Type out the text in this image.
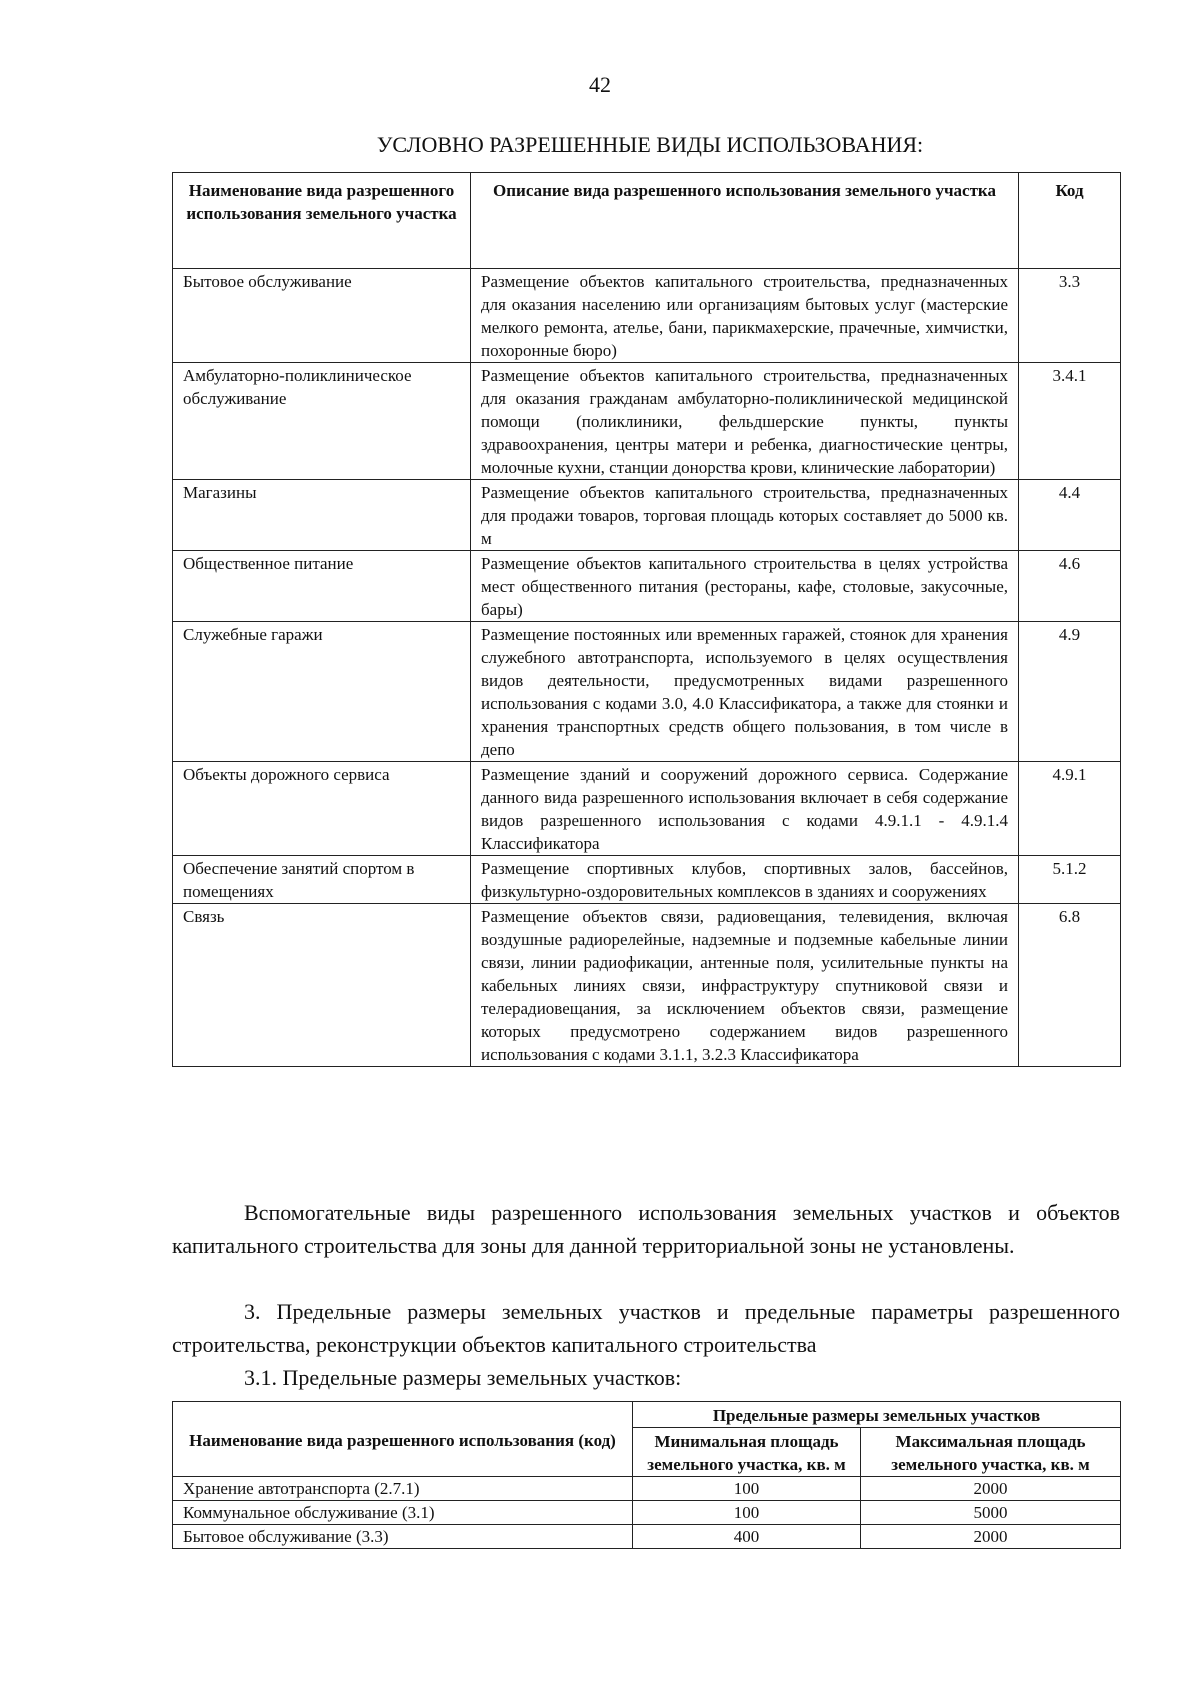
42
УСЛОВНО РАЗРЕШЕННЫЕ ВИДЫ ИСПОЛЬЗОВАНИЯ:
Наименование вида разрешенного использования земельного участка	Описание вида разрешенного использования земельного участка	Код
Бытовое обслуживание	Размещение объектов капитального строительства, предназначенных для оказания населению или организациям бытовых услуг (мастерские мелкого ремонта, ателье, бани, парикмахерские, прачечные, химчистки, похоронные бюро)	3.3
Амбулаторно-поликлиническое обслуживание	Размещение объектов капитального строительства, предназначенных для оказания гражданам амбулаторно-поликлинической медицинской помощи (поликлиники, фельдшерские пункты, пункты здравоохранения, центры матери и ребенка, диагностические центры, молочные кухни, станции донорства крови, клинические лаборатории)	3.4.1
Магазины	Размещение объектов капитального строительства, предназначенных для продажи товаров, торговая площадь которых составляет до 5000 кв. м	4.4
Общественное питание	Размещение объектов капитального строительства в целях устройства мест общественного питания (рестораны, кафе, столовые, закусочные, бары)	4.6
Служебные гаражи	Размещение постоянных или временных гаражей, стоянок для хранения служебного автотранспорта, используемого в целях осуществления видов деятельности, предусмотренных видами разрешенного использования с кодами 3.0, 4.0 Классификатора, а также для стоянки и хранения транспортных средств общего пользования, в том числе в депо	4.9
Объекты дорожного сервиса	Размещение зданий и сооружений дорожного сервиса. Содержание данного вида разрешенного использования включает в себя содержание видов разрешенного использования с кодами 4.9.1.1 - 4.9.1.4 Классификатора	4.9.1
Обеспечение занятий спортом в помещениях	Размещение спортивных клубов, спортивных залов, бассейнов, физкультурно-оздоровительных комплексов в зданиях и сооружениях	5.1.2
Связь	Размещение объектов связи, радиовещания, телевидения, включая воздушные радиорелейные, надземные и подземные кабельные линии связи, линии радиофикации, антенные поля, усилительные пункты на кабельных линиях связи, инфраструктуру спутниковой связи и телерадиовещания, за исключением объектов связи, размещение которых предусмотрено содержанием видов разрешенного использования с кодами 3.1.1, 3.2.3 Классификатора	6.8

Вспомогательные виды разрешенного использования земельных участков и объектов капитального строительства для зоны для данной территориальной зоны не установлены.

3. Предельные размеры земельных участков и предельные параметры разрешенного строительства, реконструкции объектов капитального строительства

3.1. Предельные размеры земельных участков:

Наименование вида разрешенного использования (код)	Предельные размеры земельных участков	
	Минимальная площадь земельного участка, кв. м	Максимальная площадь земельного участка, кв. м
Хранение автотранспорта (2.7.1)	100	2000
Коммунальное обслуживание (3.1)	100	5000
Бытовое обслуживание (3.3)	400	2000
